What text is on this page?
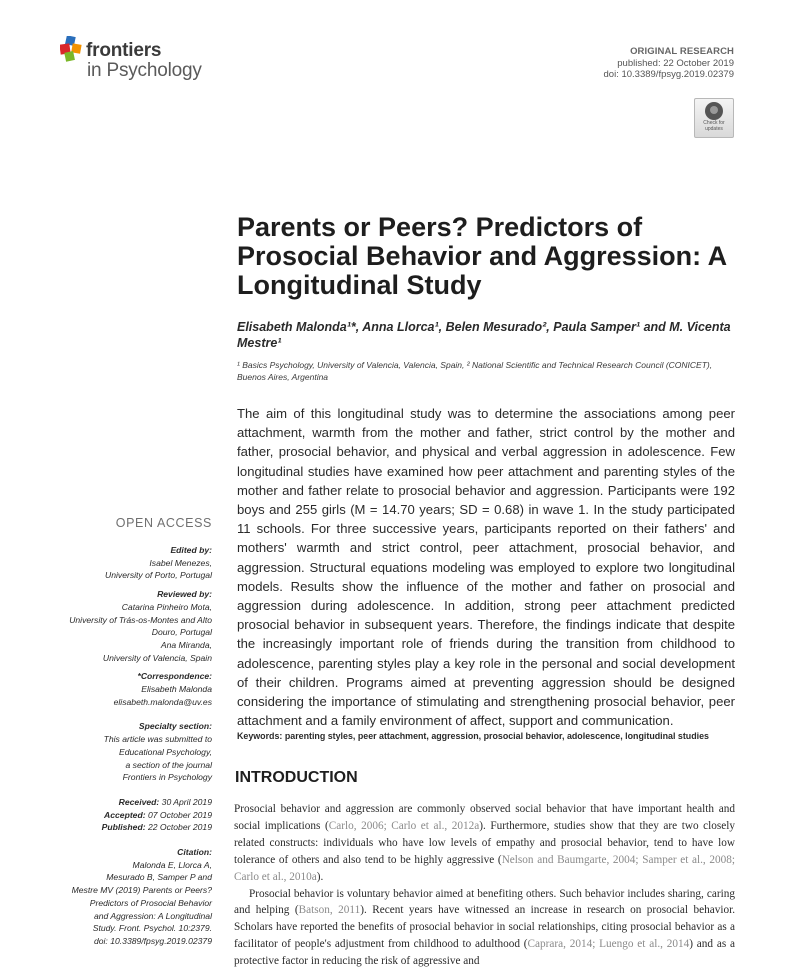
frontiers
in Psychology
ORIGINAL RESEARCH
published: 22 October 2019
doi: 10.3389/fpsyg.2019.02379
Check for
updates
Parents or Peers? Predictors of Prosocial Behavior and Aggression: A Longitudinal Study
Elisabeth Malonda¹*, Anna Llorca¹, Belen Mesurado², Paula Samper¹ and M. Vicenta Mestre¹
¹ Basics Psychology, University of Valencia, Valencia, Spain, ² National Scientific and Technical Research Council (CONICET), Buenos Aires, Argentina
The aim of this longitudinal study was to determine the associations among peer attachment, warmth from the mother and father, strict control by the mother and father, prosocial behavior, and physical and verbal aggression in adolescence. Few longitudinal studies have examined how peer attachment and parenting styles of the mother and father relate to prosocial behavior and aggression. Participants were 192 boys and 255 girls (M = 14.70 years; SD = 0.68) in wave 1. In the study participated 11 schools. For three successive years, participants reported on their fathers' and mothers' warmth and strict control, peer attachment, prosocial behavior, and aggression. Structural equations modeling was employed to explore two longitudinal models. Results show the influence of the mother and father on prosocial and aggression during adolescence. In addition, strong peer attachment predicted prosocial behavior in subsequent years. Therefore, the findings indicate that despite the increasingly important role of friends during the transition from childhood to adolescence, parenting styles play a key role in the personal and social development of their children. Programs aimed at preventing aggression should be designed considering the importance of stimulating and strengthening prosocial behavior, peer attachment and a family environment of affect, support and communication.
Keywords: parenting styles, peer attachment, aggression, prosocial behavior, adolescence, longitudinal studies
INTRODUCTION

Prosocial behavior and aggression are commonly observed social behavior that have important health and social implications (Carlo, 2006; Carlo et al., 2012a). Furthermore, studies show that they are two closely related constructs: individuals who have low levels of empathy and prosocial behavior, tend to have low tolerance of others and also tend to be highly aggressive (Nelson and Baumgarte, 2004; Samper et al., 2008; Carlo et al., 2010a).

Prosocial behavior is voluntary behavior aimed at benefiting others. Such behavior includes sharing, caring and helping (Batson, 2011). Recent years have witnessed an increase in research on prosocial behavior. Scholars have reported the benefits of prosocial behavior in social relationships, citing prosocial behavior as a facilitator of people's adjustment from childhood to adulthood (Caprara, 2014; Luengo et al., 2014) and as a protective factor in reducing the risk of aggressive and

OPEN ACCESS
Edited by:
Isabel Menezes,
University of Porto, Portugal
Reviewed by:
Catarina Pinheiro Mota,
University of Trás-os-Montes and Alto
Douro, Portugal
Ana Miranda,
University of Valencia, Spain
*Correspondence:
Elisabeth Malonda
elisabeth.malonda@uv.es
Specialty section:
This article was submitted to
Educational Psychology,
a section of the journal
Frontiers in Psychology
Received: 30 April 2019
Accepted: 07 October 2019
Published: 22 October 2019
Citation:
Malonda E, Llorca A,
Mesurado B, Samper P and
Mestre MV (2019) Parents or Peers?
Predictors of Prosocial Behavior
and Aggression: A Longitudinal
Study. Front. Psychol. 10:2379.
doi: 10.3389/fpsyg.2019.02379
